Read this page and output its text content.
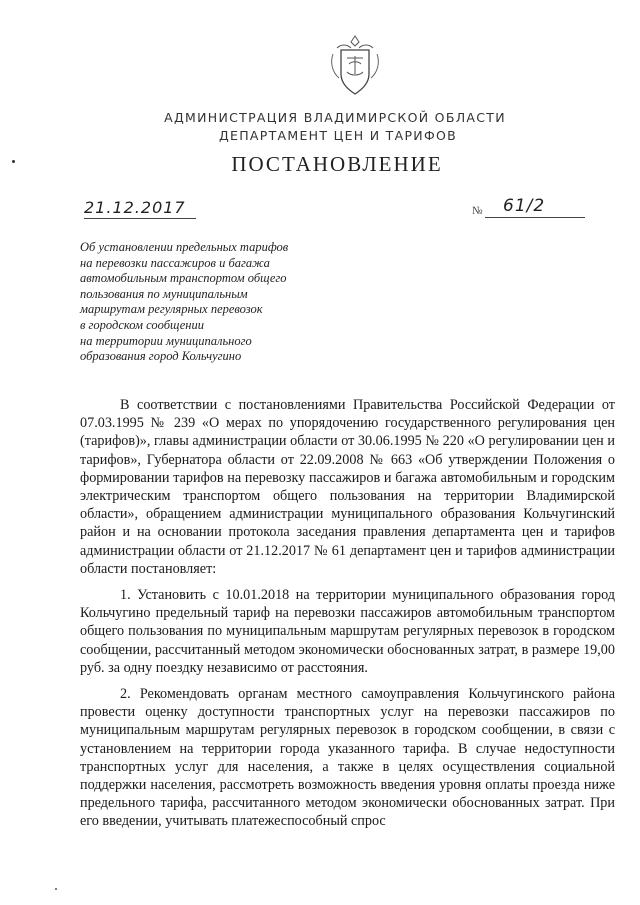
АДМИНИСТРАЦИЯ ВЛАДИМИРСКОЙ ОБЛАСТИ
ДЕПАРТАМЕНТ ЦЕН И ТАРИФОВ
ПОСТАНОВЛЕНИЕ
21.12.2017	№ 61/2
Об установлении предельных тарифов
на перевозки пассажиров и багажа
автомобильным транспортом общего
пользования по муниципальным
маршрутам регулярных перевозок
в городском сообщении
на территории муниципального
образования город Кольчугино

В соответствии с постановлениями Правительства Российской Федерации от 07.03.1995 № 239 «О мерах по упорядочению государственного регулирования цен (тарифов)», главы администрации области от 30.06.1995 № 220 «О регулировании цен и тарифов», Губернатора области от 22.09.2008 № 663 «Об утверждении Положения о формировании тарифов на перевозку пассажиров и багажа автомобильным и городским электрическим транспортом общего пользования на территории Владимирской области», обращением администрации муниципального образования Кольчугинский район и на основании протокола заседания правления департамента цен и тарифов администрации области от 21.12.2017 № 61 департамент цен и тарифов администрации области постановляет:

1. Установить с 10.01.2018 на территории муниципального образования город Кольчугино предельный тариф на перевозки пассажиров автомобильным транспортом общего пользования по муниципальным маршрутам регулярных перевозок в городском сообщении, рассчитанный методом экономически обоснованных затрат, в размере 19,00 руб. за одну поездку независимо от расстояния.

2. Рекомендовать органам местного самоуправления Кольчугинского района провести оценку доступности транспортных услуг на перевозки пассажиров по муниципальным маршрутам регулярных перевозок в городском сообщении, в связи с установлением на территории города указанного тарифа. В случае недоступности транспортных услуг для населения, а также в целях осуществления социальной поддержки населения, рассмотреть возможность введения уровня оплаты проезда ниже предельного тарифа, рассчитанного методом экономически обоснованных затрат. При его введении, учитывать платежеспособный спрос
